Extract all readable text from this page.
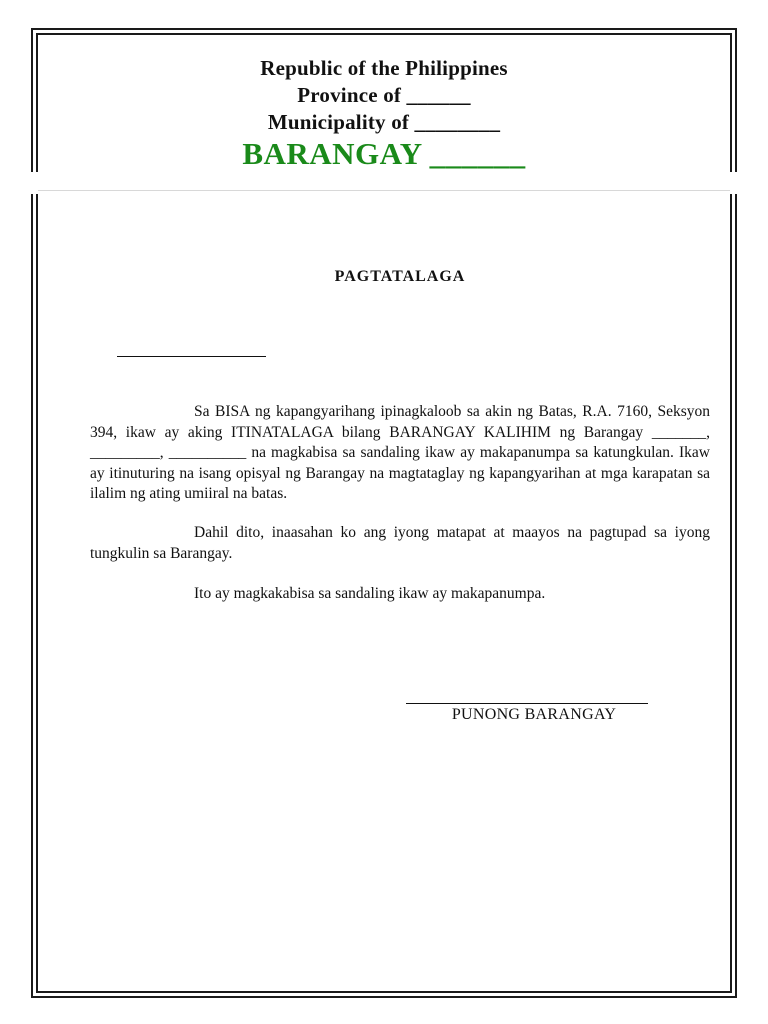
Republic of the Philippines
Province of ______
Municipality of ________
BARANGAY ______
PAGTATALAGA

Sa BISA ng kapangyarihang ipinagkaloob sa akin ng Batas, R.A. 7160, Seksyon 394, ikaw ay aking ITINATALAGA bilang BARANGAY KALIHIM ng Barangay _______, _________, __________ na magkabisa sa sandaling ikaw ay makapanumpa sa katungkulan. Ikaw ay itinuturing na isang opisyal ng Barangay na magtataglay ng kapangyarihan at mga karapatan sa ilalim ng ating umiiral na batas.

Dahil dito, inaasahan ko ang iyong matapat at maayos na pagtupad sa iyong tungkulin sa Barangay.

Ito ay magkakabisa sa sandaling ikaw ay makapanumpa.

PUNONG BARANGAY
